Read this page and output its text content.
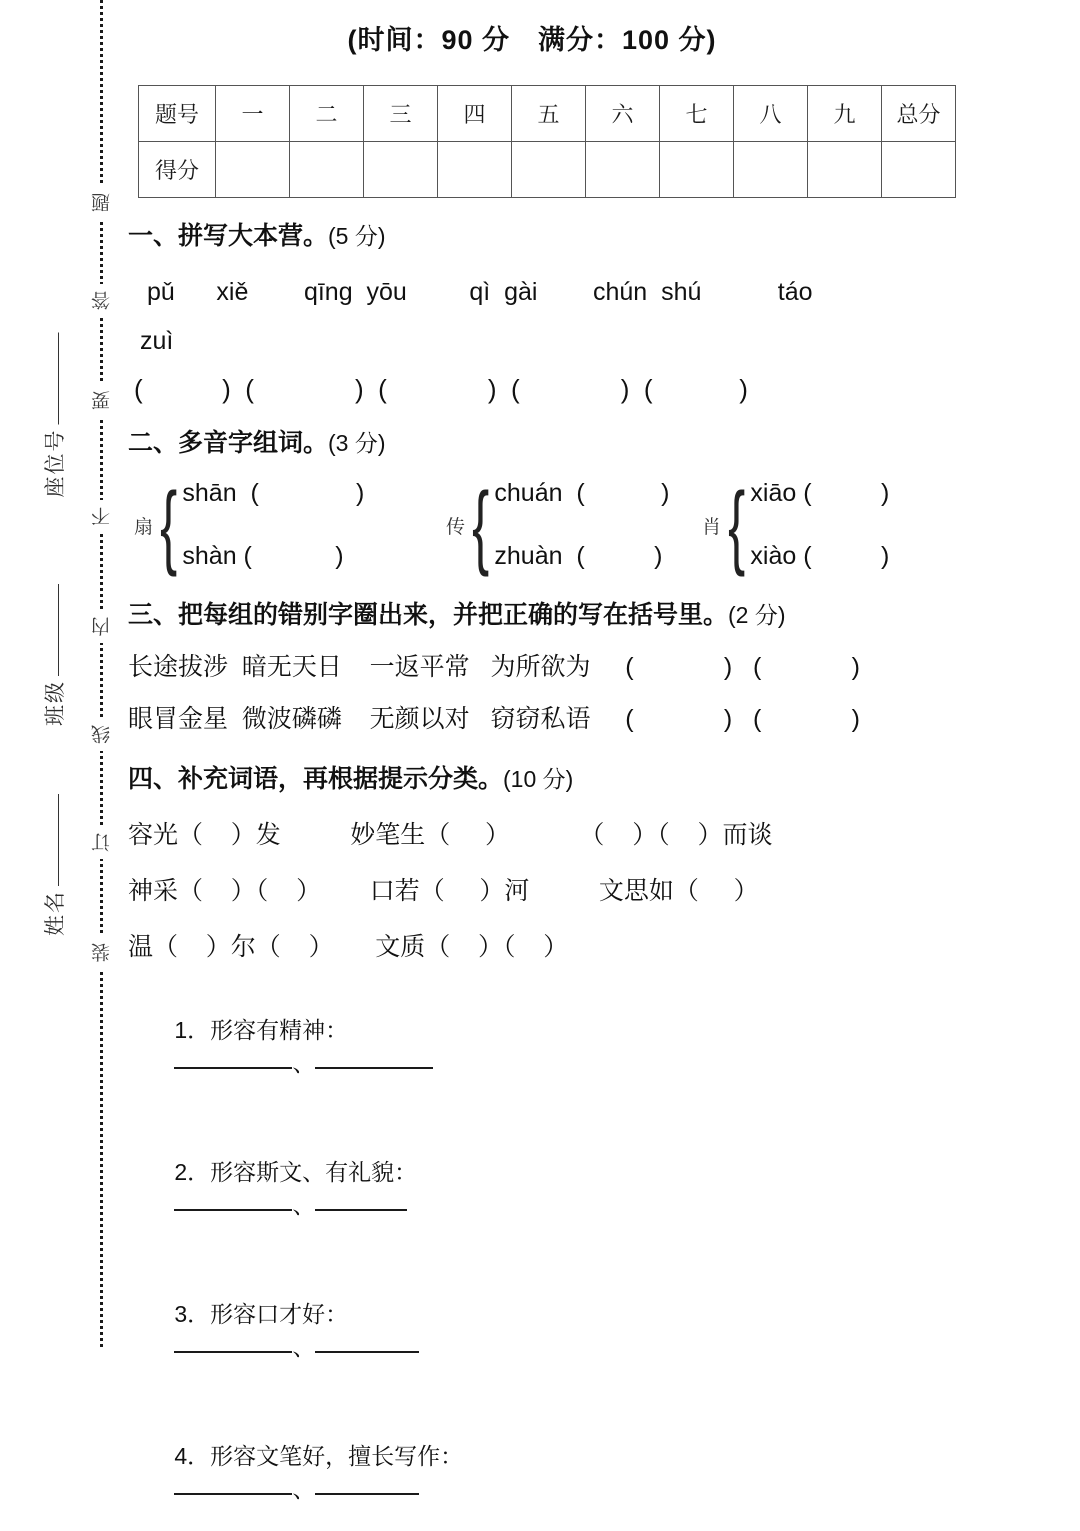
座位号
班级
姓名
题
答
要
不
内
线
订
装
(时间：90 分　满分：100 分)
题号	一	二	三	四	五	六	七	八	九	总分
得分										
一、拼写大本营。(5 分)
pǔ      xiě        qīng  yōu         qì  gài        chún  shú           táo
zuì
(           )  (              )  (              )  (              )  (            )
二、多音字组词。(3 分)
扇 { shān  (              )
shàn (            )
传 { chuán  (           )
zhuàn  (          )
肖 { xiāo (          )
xiào (          )
三、把每组的错别字圈出来，并把正确的写在括号里。(2 分)
长途拔涉  暗无天日    一返平常   为所欲为     (             )   (             )
眼冒金星  微波磷磷    无颜以对   窃窃私语     (             )   (             )
四、补充词语，再根据提示分类。(10 分)
容光（    ）发          妙笔生（     ）          （    ）（    ）而谈
神采（    ）（    ）       口若（     ）河          文思如（     ）
温（    ）尔（    ）      文质（    ）（    ）

1．形容有精神：
、

2．形容斯文、有礼貌：
、

3．形容口才好：
、

4．形容文笔好，擅长写作：
、
